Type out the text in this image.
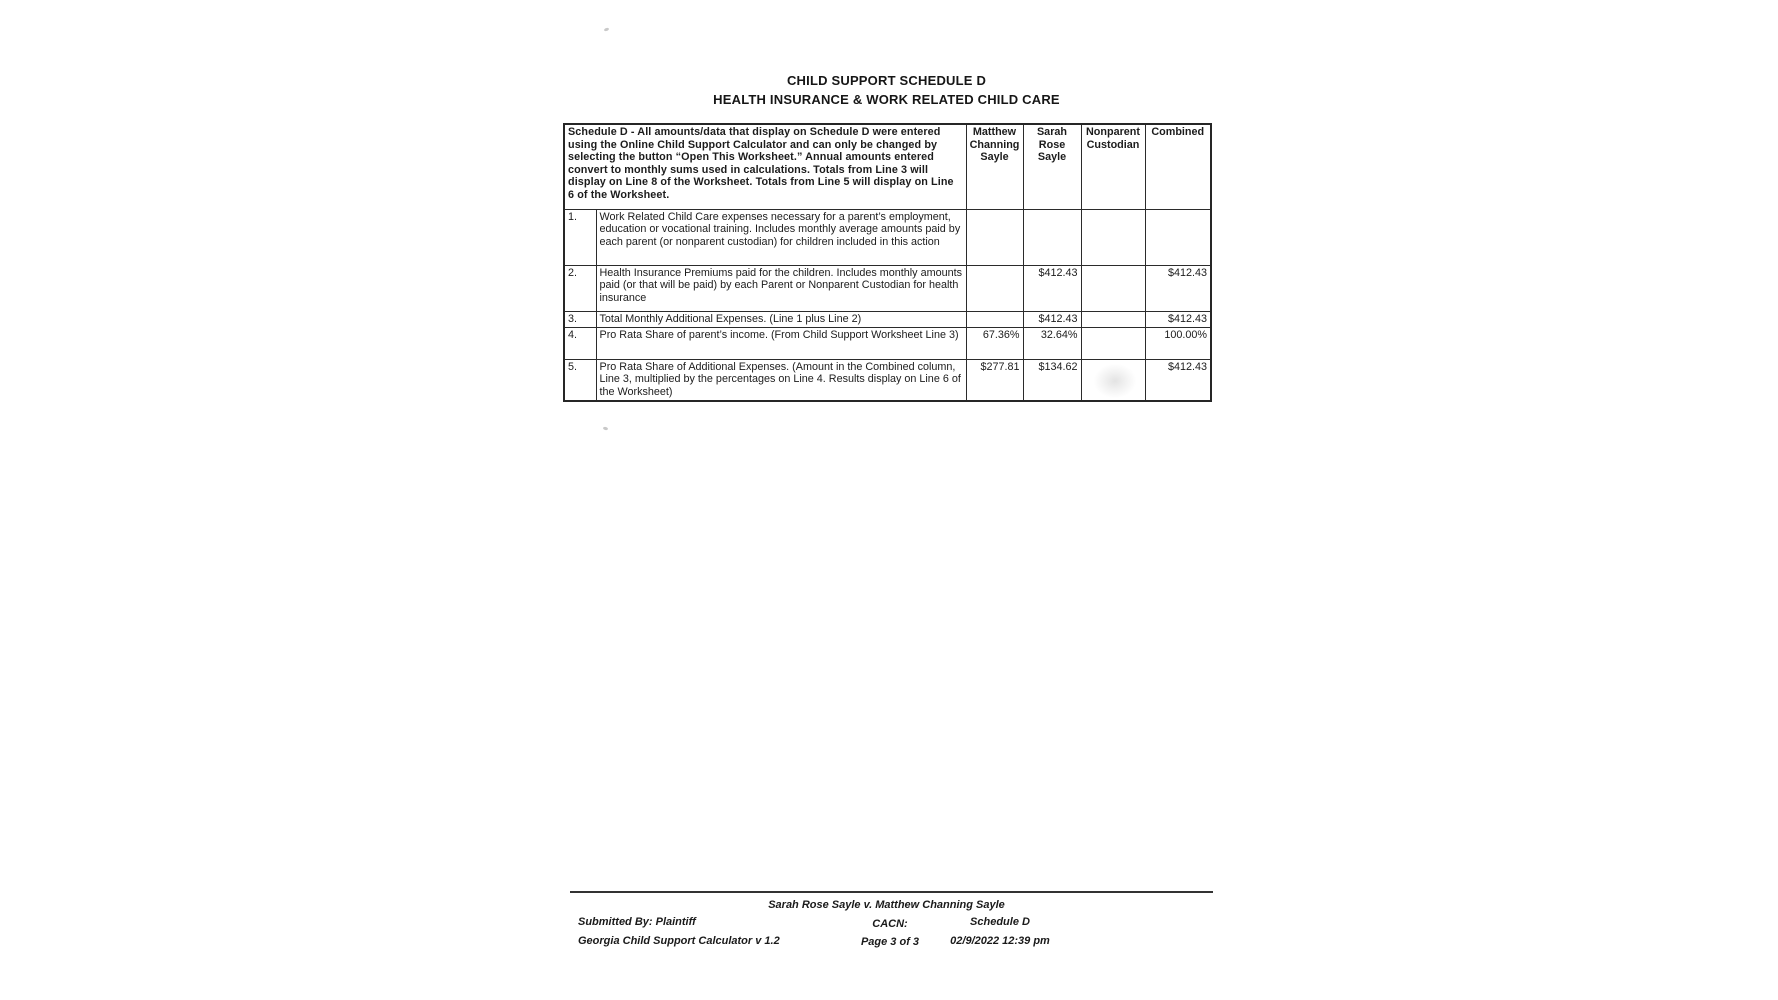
CHILD SUPPORT SCHEDULE D
HEALTH INSURANCE & WORK RELATED CHILD CARE
Schedule D - All amounts/data that display on Schedule D were entered using the Online Child Support Calculator and can only be changed by selecting the button “Open This Worksheet.” Annual amounts entered convert to monthly sums used in calculations. Totals from Line 3 will display on Line 8 of the Worksheet. Totals from Line 5 will display on Line 6 of the Worksheet.		Matthew Channing Sayle	Sarah Rose Sayle	Nonparent Custodian	Combined
1.	Work Related Child Care expenses necessary for a parent’s employment, education or vocational training. Includes monthly average amounts paid by each parent (or nonparent custodian) for children included in this action				
2.	Health Insurance Premiums paid for the children. Includes monthly amounts paid (or that will be paid) by each Parent or Nonparent Custodian for health insurance		$412.43		$412.43
3.	Total Monthly Additional Expenses. (Line 1 plus Line 2)		$412.43		$412.43
4.	Pro Rata Share of parent’s income. (From Child Support Worksheet Line 3)	67.36%	32.64%		100.00%
5.	Pro Rata Share of Additional Expenses. (Amount in the Combined column, Line 3, multiplied by the percentages on Line 4. Results display on Line 6 of the Worksheet)	$277.81	$134.62		$412.43
Sarah Rose Sayle v. Matthew Channing Sayle
Submitted By: Plaintiff
Georgia Child Support Calculator v 1.2
CACN:
Page 3 of 3
Schedule D
02/9/2022 12:39 pm
